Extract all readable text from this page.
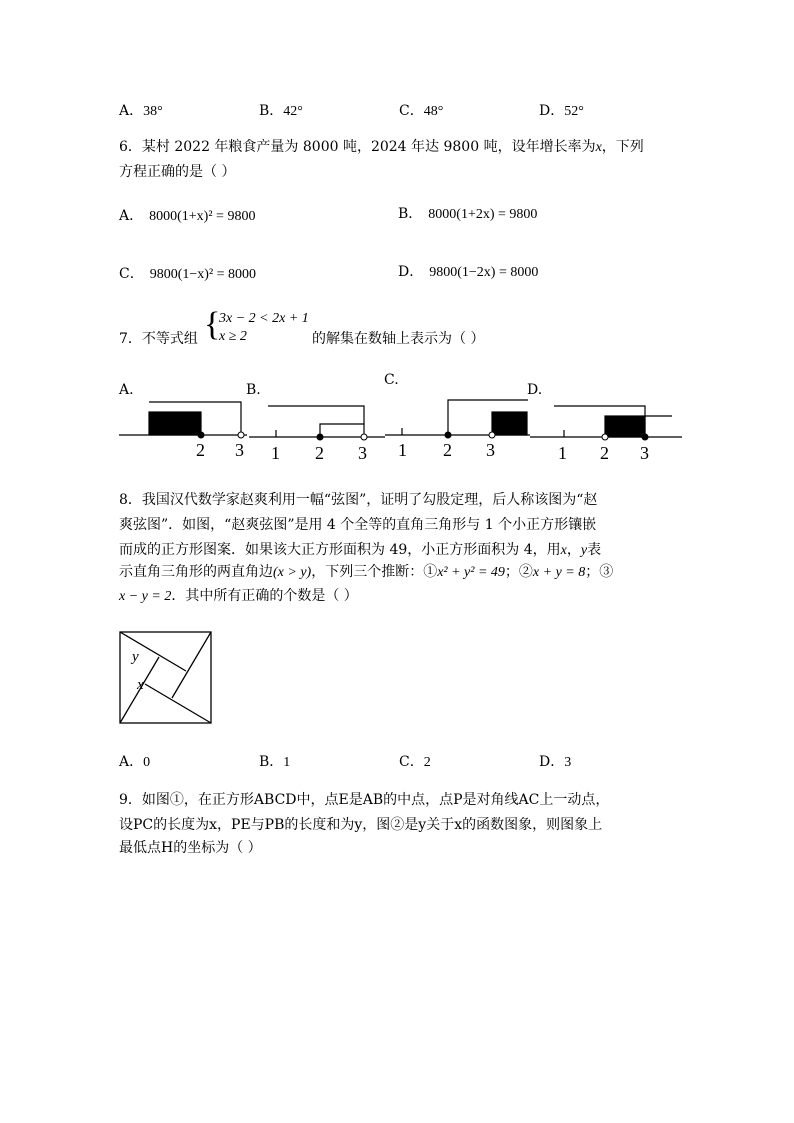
A．38°	B．42°	C．48°	D．52°
6．某村 2022 年粮食产量为 8000 吨，2024 年达 9800 吨，设年增长率为x，下列
方程正确的是（ ）
A． 8000(1+x)² = 9800	B． 8000(1+2x) = 9800
C． 9800(1−x)² = 8000	D． 9800(1−2x) = 8000
7．不等式组 {
3x − 2 < 2x + 1
x ≥ 2	的解集在数轴上表示为（ ）
A.	B.
C.
D.
2 3 1 2 3 1 2 3	1 2 3
8．我国汉代数学家赵爽利用一幅“弦图”，证明了勾股定理，后人称该图为“赵
爽弦图”．如图，“赵爽弦图”是用 4 个全等的直角三角形与 1 个小正方形镶嵌
而成的正方形图案．如果该大正方形面积为 49，小正方形面积为 4，用x，y表
示直角三角形的两直角边(x > y)，下列三个推断：①x² + y² = 49；②x + y = 8；③
x − y = 2．其中所有正确的个数是（ ）
y
x
A．0	B．1	C．2	D．3
9．如图①，在正方形ABCD中，点E是AB的中点，点P是对角线AC上一动点，
设PC的长度为x，PE与PB的长度和为y，图②是y关于x的函数图象，则图象上
最低点H的坐标为（ ）
